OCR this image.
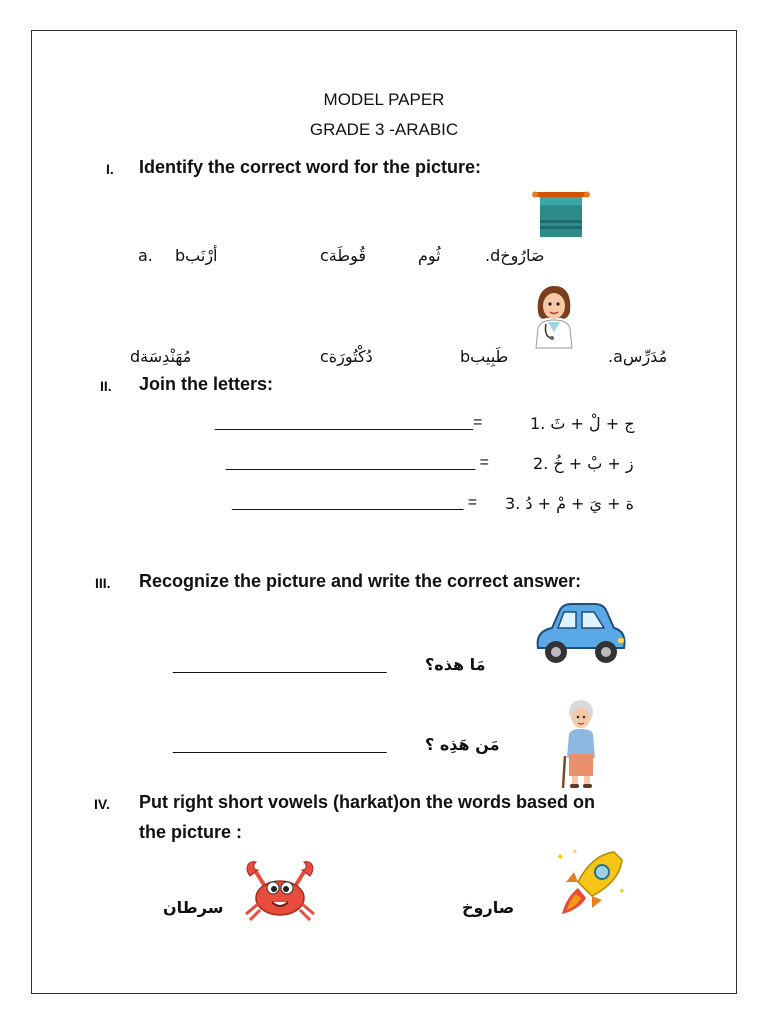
MODEL PAPER
GRADE 3 -ARABIC
I. Identify the correct word for the picture:
صَارُوخd.
ثُوم
قُوطَةc
أرْنَبb
a.
مُدَرِّسa.
طَبِيبb
دُكْتُورَةc
مُهَنْدِسَةd
II. Join the letters:
_____________________________=	ج + لْ + ثَ .1
____________________________ =	ز + بْ + خُ .2
__________________________ = ة + يَ + مْ + دُ .3
III. Recognize the picture and write the correct answer:
________________________ مَا هذه؟
________________________ مَن هَذِه ؟
IV. Put right short vowels (harkat)on the words based on
the picture :
سرطان	صاروخ
✦
✦
✦
